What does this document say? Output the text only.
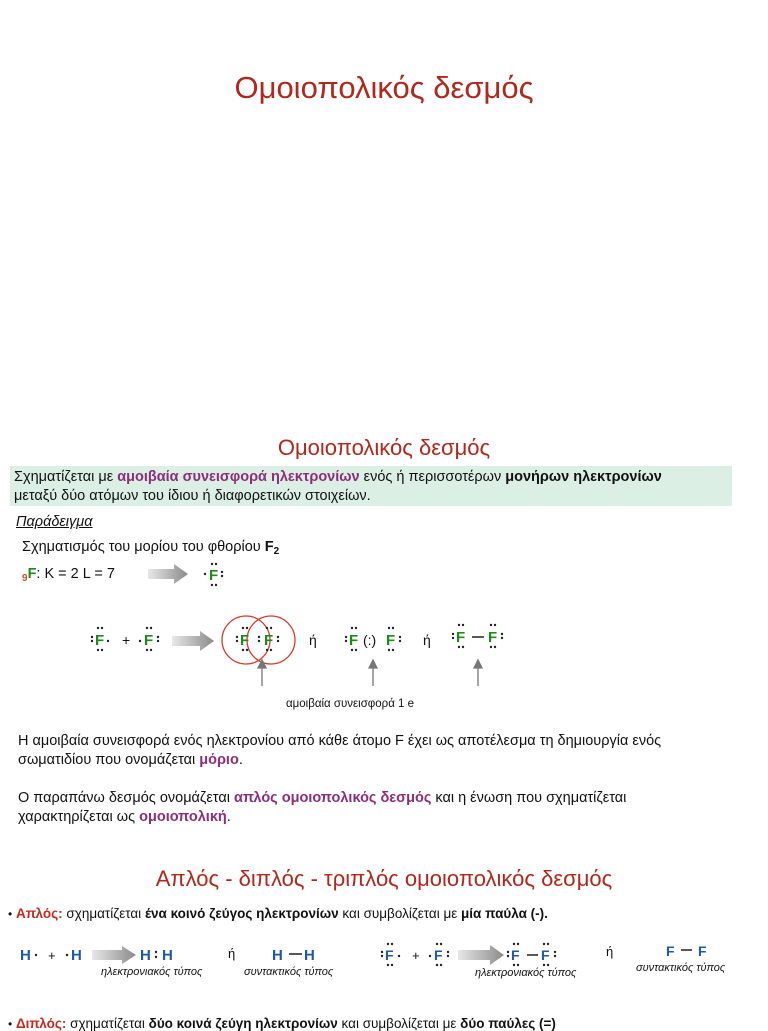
Ομοιοπολικός δεσμός
Ομοιοπολικός δεσμός
Σχηματίζεται με αμοιβαία συνεισφορά ηλεκτρονίων ενός ή περισσοτέρων μονήρων ηλεκτρονίων
μεταξύ δύο ατόμων του ίδιου ή διαφορετικών στοιχείων.
Παράδειγμα
Σχηματισμός του μορίου του φθορίου $F_2$
$_9$F: K = 2 L = 7	F
F + F	F F	ή F (:) F ή F F
αμοιβαία συνεισφορά 1 e
Η αμοιβαία συνεισφορά ενός ηλεκτρονίου από κάθε άτομο F έχει ως αποτέλεσμα τη δημιουργία ενός
σωματιδίου που ονομάζεται μόριο.
Ο παραπάνω δεσμός ονομάζεται απλός ομοιοπολικός δεσμός και η ένωση που σχηματίζεται
χαρακτηρίζεται ως ομοιοπολική.
Απλός - διπλός - τριπλός ομοιοπολικός δεσμός
• Απλός: σχηματίζεται ένα κοινό ζεύγος ηλεκτρονίων και συμβολίζεται με μία παύλα (-).
H + H	H H	ή H H
ηλεκτρονιακός τύπος	συντακτικός τύπος
F + F	F F	ή	F F
ηλεκτρονιακός τύπος	συντακτικός τύπος
• Διπλός: σχηματίζεται δύο κοινά ζεύγη ηλεκτρονίων και συμβολίζεται με δύο παύλες (=)
